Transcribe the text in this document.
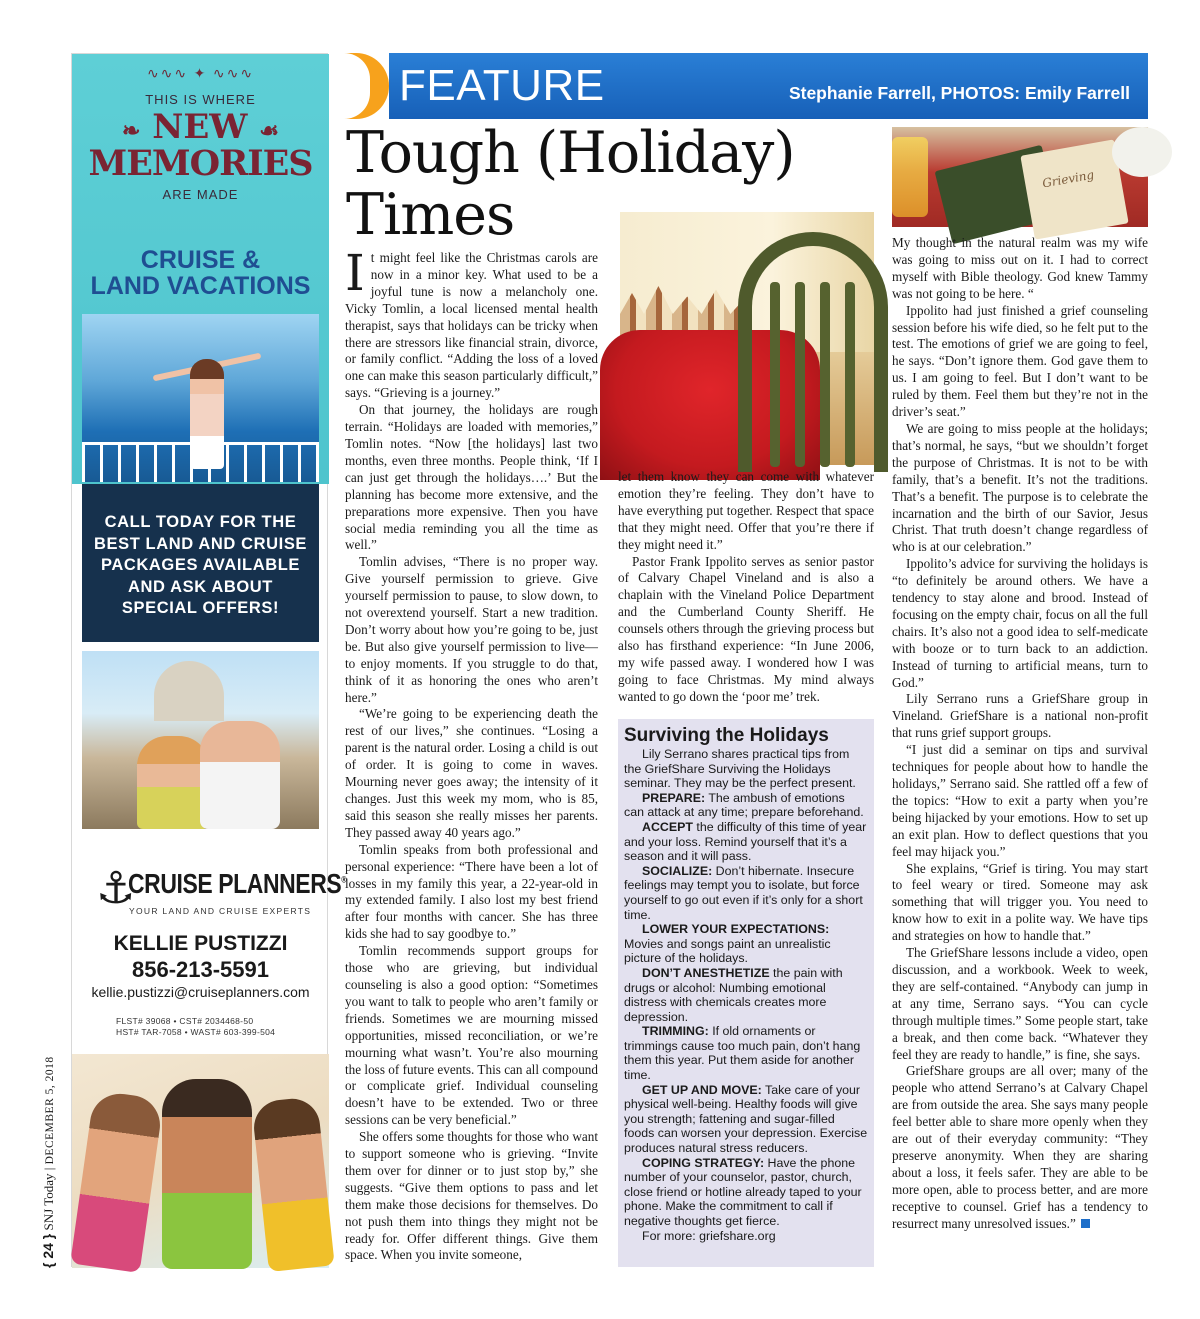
∿∿∿ ✦ ∿∿∿
THIS IS WHERE
❧ NEW ☙
MEMORIES
ARE MADE
CRUISE &
LAND VACATIONS
CALL TODAY FOR THE
BEST LAND AND CRUISE
PACKAGES AVAILABLE
AND ASK ABOUT
SPECIAL OFFERS!
⚓
CRUISE PLANNERS®
YOUR LAND AND CRUISE EXPERTS
KELLIE PUSTIZZI
856-213-5591
kellie.pustizzi@cruiseplanners.com
FLST# 39068 • CST# 2034468-50
HST# TAR-7058 • WAST# 603-399-504
{ 24 } SNJ Today | DECEMBER 5, 2018
FEATURE	Stephanie Farrell, PHOTOS: Emily Farrell
Tough (Holiday) Times

It might feel like the Christmas carols are now in a minor key. What used to be a joyful tune is now a melancholy one. Vicky Tomlin, a local licensed mental health therapist, says that holidays can be tricky when there are stressors like financial strain, divorce, or family conflict. “Adding the loss of a loved one can make this season particularly difficult,” says. “Grieving is a journey.”

On that journey, the holidays are rough terrain. “Holidays are loaded with memories,” Tomlin notes. “Now [the holidays] last two months, even three months. People think, ‘If I can just get through the holidays….’ But the planning has become more extensive, and the preparations more expensive. Then you have social media reminding you all the time as well.”

Tomlin advises, “There is no proper way. Give yourself permission to grieve. Give yourself permission to pause, to slow down, to not overextend yourself. Start a new tradition. Don’t worry about how you’re going to be, just be. But also give yourself permission to live—to enjoy moments. If you struggle to do that, think of it as honoring the ones who aren’t here.”

“We’re going to be experiencing death the rest of our lives,” she continues. “Losing a parent is the natural order. Losing a child is out of order. It is going to come in waves. Mourning never goes away; the intensity of it changes. Just this week my mom, who is 85, said this season she really misses her parents. They passed away 40 years ago.”

Tomlin speaks from both professional and personal experience: “There have been a lot of losses in my family this year, a 22-year-old in my extended family. I also lost my best friend after four months with cancer. She has three kids she had to say goodbye to.”

Tomlin recommends support groups for those who are grieving, but individual counseling is also a good option: “Sometimes you want to talk to people who aren’t family or friends. Sometimes we are mourning missed opportunities, missed reconciliation, or we’re mourning what wasn’t. You’re also mourning the loss of future events. This can all compound or complicate grief. Individual counseling doesn’t have to be extended. Two or three sessions can be very beneficial.”

She offers some thoughts for those who want to support someone who is grieving. “Invite them over for dinner or to just stop by,” she suggests. “Give them options to pass and let them make those decisions for themselves. Do not push them into things they might not be ready for. Offer different things. Give them space. When you invite someone,

let them know they can come with whatever emotion they’re feeling. They don’t have to have everything put together. Respect that space that they might need. Offer that you’re there if they might need it.”

Pastor Frank Ippolito serves as senior pastor of Calvary Chapel Vineland and is also a chaplain with the Vineland Police Department and the Cumberland County Sheriff. He counsels others through the grieving process but also has firsthand experience: “In June 2006, my wife passed away. I wondered how I was going to face Christmas. My mind always wanted to go down the ‘poor me’ trek.

Surviving the Holidays

Lily Serrano shares practical tips from the GriefShare Surviving the Holidays seminar. They may be the perfect present.

PREPARE: The ambush of emotions can attack at any time; prepare beforehand.

ACCEPT the difficulty of this time of year and your loss. Remind yourself that it’s a season and it will pass.

SOCIALIZE: Don’t hibernate. Insecure feelings may tempt you to isolate, but force yourself to go out even if it’s only for a short time.

LOWER YOUR EXPECTATIONS: Movies and songs paint an unrealistic picture of the holidays.

DON’T ANESTHETIZE the pain with drugs or alcohol: Numbing emotional distress with chemicals creates more depression.

TRIMMING: If old ornaments or trimmings cause too much pain, don’t hang them this year. Put them aside for another time.

GET UP AND MOVE: Take care of your physical well-being. Healthy foods will give you strength; fattening and sugar-filled foods can worsen your depression. Exercise produces natural stress reducers.

COPING STRATEGY: Have the phone number of your counselor, pastor, church, close friend or hotline already taped to your phone. Make the commitment to call if negative thoughts get fierce.

For more: griefshare.org

Grieving

My thought in the natural realm was my wife was going to miss out on it. I had to correct myself with Bible theology. God knew Tammy was not going to be here. “

Ippolito had just finished a grief counseling session before his wife died, so he felt put to the test. The emotions of grief we are going to feel, he says. “Don’t ignore them. God gave them to us. I am going to feel. But I don’t want to be ruled by them. Feel them but they’re not in the driver’s seat.”

We are going to miss people at the holidays; that’s normal, he says, “but we shouldn’t forget the purpose of Christmas. It is not to be with family, that’s a benefit. It’s not the traditions. That’s a benefit. The purpose is to celebrate the incarnation and the birth of our Savior, Jesus Christ. That truth doesn’t change regardless of who is at our celebration.”

Ippolito’s advice for surviving the holidays is “to definitely be around others. We have a tendency to stay alone and brood. Instead of focusing on the empty chair, focus on all the full chairs. It’s also not a good idea to self-medicate with booze or to turn back to an addiction. Instead of turning to artificial means, turn to God.”

Lily Serrano runs a GriefShare group in Vineland. GriefShare is a national non-profit that runs grief support groups.

“I just did a seminar on tips and survival techniques for people about how to handle the holidays,” Serrano said. She rattled off a few of the topics: “How to exit a party when you’re being hijacked by your emotions. How to set up an exit plan. How to deflect questions that you feel may hijack you.”

She explains, “Grief is tiring. You may start to feel weary or tired. Someone may ask something that will trigger you. You need to know how to exit in a polite way. We have tips and strategies on how to handle that.”

The GriefShare lessons include a video, open discussion, and a workbook. Week to week, they are self-contained. “Anybody can jump in at any time, Serrano says. “You can cycle through multiple times.” Some people start, take a break, and then come back. “Whatever they feel they are ready to handle,” is fine, she says.

GriefShare groups are all over; many of the people who attend Serrano’s at Calvary Chapel are from outside the area. She says many people feel better able to share more openly when they are out of their everyday community: “They preserve anonymity. When they are sharing about a loss, it feels safer. They are able to be more open, able to process better, and are more receptive to counsel. Grief has a tendency to resurrect many unresolved issues.”
